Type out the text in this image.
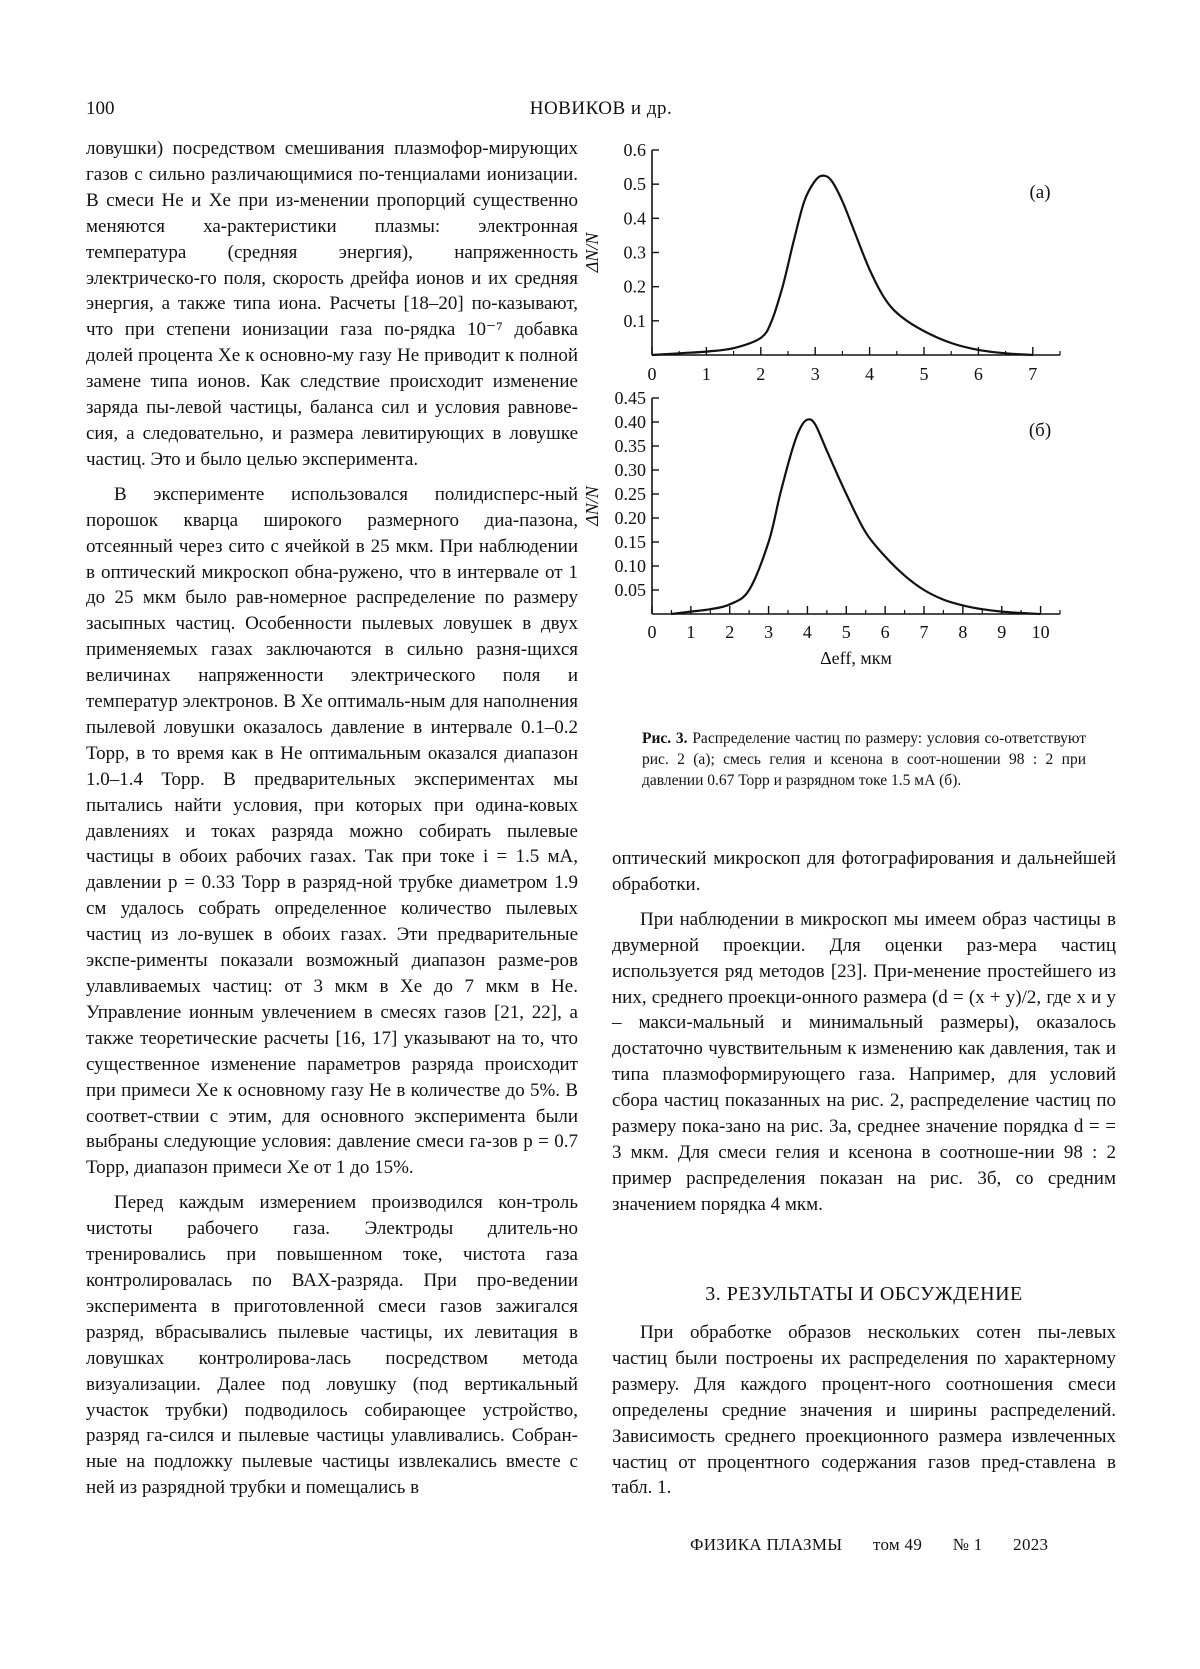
100	НОВИКОВ и др.

ловушки) посредством смешивания плазмофор-мирующих газов с сильно различающимися по-тенциалами ионизации. В смеси He и Xe при из-менении пропорций существенно меняются ха-рактеристики плазмы: электронная температура (средняя энергия), напряженность электрическо-го поля, скорость дрейфа ионов и их средняя энергия, а также типа иона. Расчеты [18–20] по-казывают, что при степени ионизации газа по-рядка 10⁻⁷ добавка долей процента Xe к основно-му газу He приводит к полной замене типа ионов. Как следствие происходит изменение заряда пы-левой частицы, баланса сил и условия равнове-сия, а следовательно, и размера левитирующих в ловушке частиц. Это и было целью эксперимента.

В эксперименте использовался полидисперс-ный порошок кварца широкого размерного диа-пазона, отсеянный через сито с ячейкой в 25 мкм. При наблюдении в оптический микроскоп обна-ружено, что в интервале от 1 до 25 мкм было рав-номерное распределение по размеру засыпных частиц. Особенности пылевых ловушек в двух применяемых газах заключаются в сильно разня-щихся величинах напряженности электрического поля и температур электронов. В Xe оптималь-ным для наполнения пылевой ловушки оказалось давление в интервале 0.1–0.2 Торр, в то время как в He оптимальным оказался диапазон 1.0–1.4 Торр. В предварительных экспериментах мы пытались найти условия, при которых при одина-ковых давлениях и токах разряда можно собирать пылевые частицы в обоих рабочих газах. Так при токе i = 1.5 мА, давлении p = 0.33 Торр в разряд-ной трубке диаметром 1.9 см удалось собрать определенное количество пылевых частиц из ло-вушек в обоих газах. Эти предварительные экспе-рименты показали возможный диапазон разме-ров улавливаемых частиц: от 3 мкм в Xe до 7 мкм в He. Управление ионным увлечением в смесях газов [21, 22], а также теоретические расчеты [16, 17] указывают на то, что существенное изменение параметров разряда происходит при примеси Xe к основному газу He в количестве до 5%. В соответ-ствии с этим, для основного эксперимента были выбраны следующие условия: давление смеси га-зов p = 0.7 Торр, диапазон примеси Xe от 1 до 15%.

Перед каждым измерением производился кон-троль чистоты рабочего газа. Электроды длитель-но тренировались при повышенном токе, чистота газа контролировалась по ВАХ-разряда. При про-ведении эксперимента в приготовленной смеси газов зажигался разряд, вбрасывались пылевые частицы, их левитация в ловушках контролирова-лась посредством метода визуализации. Далее под ловушку (под вертикальный участок трубки) подводилось собирающее устройство, разряд га-сился и пылевые частицы улавливались. Собран-ные на подложку пылевые частицы извлекались вместе с ней из разрядной трубки и помещались в

0	1	2	3	4	5	6	7
0.1
0.2
0.3
0.4
0.5
0.6
ΔN/N
(а)
0 1 2 3 4 5 6 7 8 9 10
0.05
0.10
0.15
0.20
0.25
0.30
0.35
0.40
0.45
ΔN/N
(б)
Δeff, мкм
Рис. 3. Распределение частиц по размеру: условия со-ответствуют рис. 2 (а); смесь гелия и ксенона в соот-ношении 98 : 2 при давлении 0.67 Торр и разрядном токе 1.5 мА (б).

оптический микроскоп для фотографирования и дальнейшей обработки.

При наблюдении в микроскоп мы имеем образ частицы в двумерной проекции. Для оценки раз-мера частиц используется ряд методов [23]. При-менение простейшего из них, среднего проекци-онного размера (d = (x + y)/2, где x и y – макси-мальный и минимальный размеры), оказалось достаточно чувствительным к изменению как давления, так и типа плазмоформирующего газа. Например, для условий сбора частиц показанных на рис. 2, распределение частиц по размеру пока-зано на рис. 3а, среднее значение порядка d = = 3 мкм. Для смеси гелия и ксенона в соотноше-нии 98 : 2 пример распределения показан на рис. 3б, со средним значением порядка 4 мкм.

3. РЕЗУЛЬТАТЫ И ОБСУЖДЕНИЕ

При обработке образов нескольких сотен пы-левых частиц были построены их распределения по характерному размеру. Для каждого процент-ного соотношения смеси определены средние значения и ширины распределений. Зависимость среднего проекционного размера извлеченных частиц от процентного содержания газов пред-ставлена в табл. 1.

ФИЗИКА ПЛАЗМЫ том 49 № 1 2023
